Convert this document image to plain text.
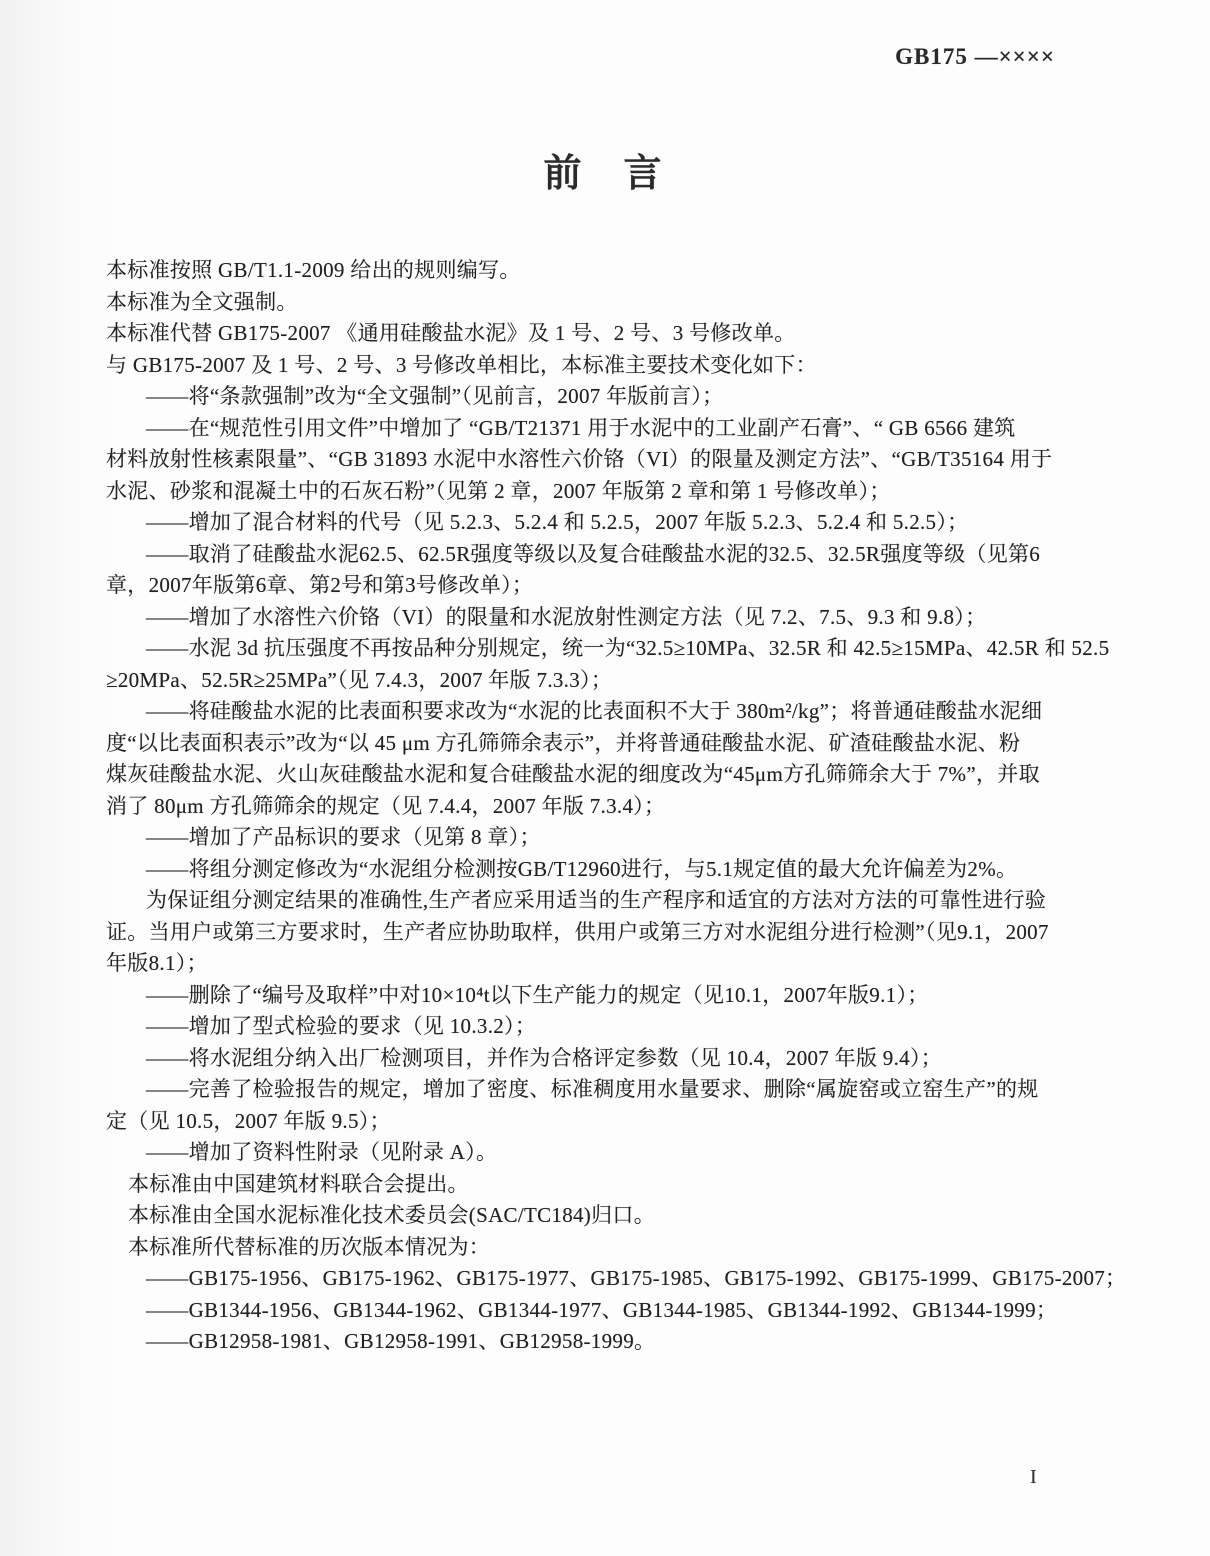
GB175 —××××
前　言
本标准按照 GB/T1.1-2009 给出的规则编写。
本标准为全文强制。
本标准代替 GB175-2007 《通用硅酸盐水泥》及 1 号、2 号、3 号修改单。
与 GB175-2007 及 1 号、2 号、3 号修改单相比，本标准主要技术变化如下：
——将“条款强制”改为“全文强制”（见前言，2007 年版前言）；
——在“规范性引用文件”中增加了 “GB/T21371 用于水泥中的工业副产石膏”、“ GB 6566 建筑
材料放射性核素限量”、“GB 31893 水泥中水溶性六价铬（VI）的限量及测定方法”、“GB/T35164 用于
水泥、砂浆和混凝土中的石灰石粉”（见第 2 章，2007 年版第 2 章和第 1 号修改单）；
——增加了混合材料的代号（见 5.2.3、5.2.4 和 5.2.5，2007 年版 5.2.3、5.2.4 和 5.2.5）；
——取消了硅酸盐水泥62.5、62.5R强度等级以及复合硅酸盐水泥的32.5、32.5R强度等级（见第6
章，2007年版第6章、第2号和第3号修改单）；
——增加了水溶性六价铬（VI）的限量和水泥放射性测定方法（见 7.2、7.5、9.3 和 9.8）；
——水泥 3d 抗压强度不再按品种分别规定，统一为“32.5≥10MPa、32.5R 和 42.5≥15MPa、42.5R 和 52.5
≥20MPa、52.5R≥25MPa”（见 7.4.3，2007 年版 7.3.3）；
——将硅酸盐水泥的比表面积要求改为“水泥的比表面积不大于 380m²/kg”；将普通硅酸盐水泥细
度“以比表面积表示”改为“以 45 μm 方孔筛筛余表示”，并将普通硅酸盐水泥、矿渣硅酸盐水泥、粉
煤灰硅酸盐水泥、火山灰硅酸盐水泥和复合硅酸盐水泥的细度改为“45μm方孔筛筛余大于 7%”，并取
消了 80μm 方孔筛筛余的规定（见 7.4.4，2007 年版 7.3.4）；
——增加了产品标识的要求（见第 8 章）；
——将组分测定修改为“水泥组分检测按GB/T12960进行，与5.1规定值的最大允许偏差为2%。
为保证组分测定结果的准确性,生产者应采用适当的生产程序和适宜的方法对方法的可靠性进行验
证。当用户或第三方要求时，生产者应协助取样，供用户或第三方对水泥组分进行检测”（见9.1，2007
年版8.1）；
——删除了“编号及取样”中对10×10⁴t以下生产能力的规定（见10.1，2007年版9.1）；
——增加了型式检验的要求（见 10.3.2）；
——将水泥组分纳入出厂检测项目，并作为合格评定参数（见 10.4，2007 年版 9.4）；
——完善了检验报告的规定，增加了密度、标准稠度用水量要求、删除“属旋窑或立窑生产”的规
定（见 10.5，2007 年版 9.5）；
——增加了资料性附录（见附录 A）。
本标准由中国建筑材料联合会提出。
本标准由全国水泥标准化技术委员会(SAC/TC184)归口。
本标准所代替标准的历次版本情况为：
——GB175-1956、GB175-1962、GB175-1977、GB175-1985、GB175-1992、GB175-1999、GB175-2007；
——GB1344-1956、GB1344-1962、GB1344-1977、GB1344-1985、GB1344-1992、GB1344-1999；
——GB12958-1981、GB12958-1991、GB12958-1999。
I
